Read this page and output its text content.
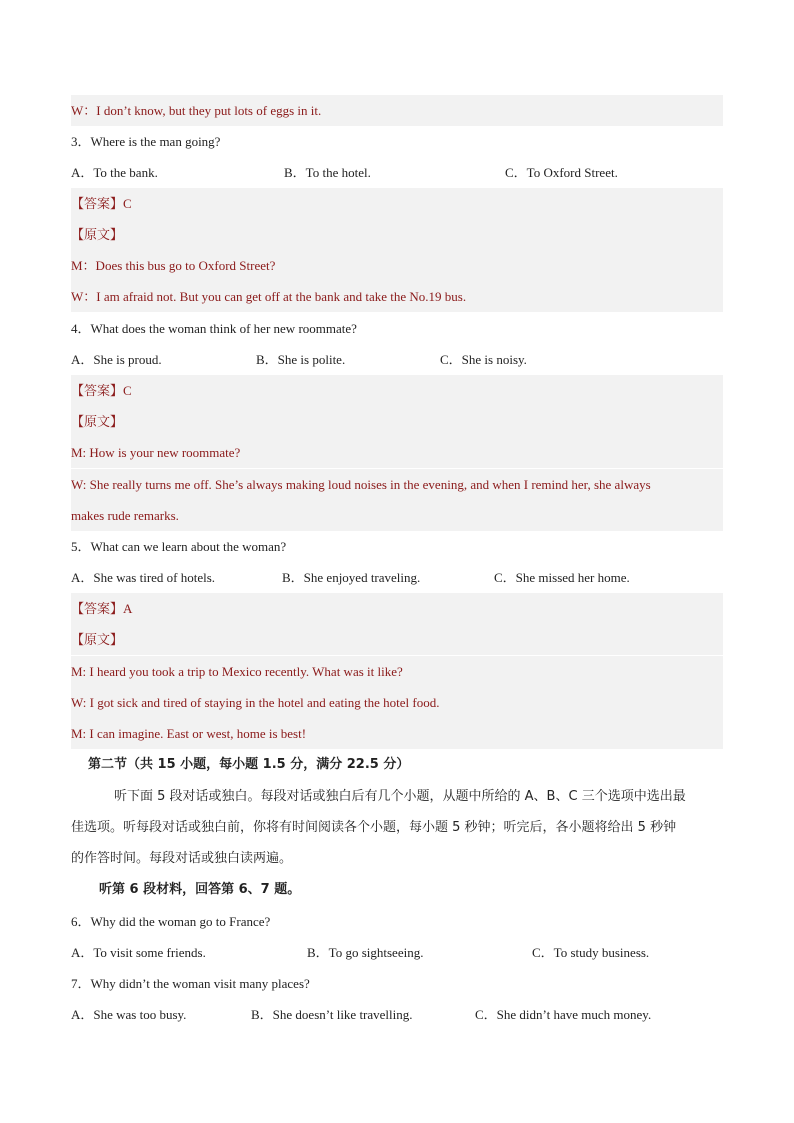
W：I don’t know, but they put lots of eggs in it.
3．Where is the man going?
A．To the bank.	B．To the hotel.	C．To Oxford Street.
【答案】C
【原文】
M：Does this bus go to Oxford Street?
W：I am afraid not. But you can get off at the bank and take the No.19 bus.
4．What does the woman think of her new roommate?
A．She is proud.	B．She is polite.	C．She is noisy.
【答案】C
【原文】
M: How is your new roommate?
W: She really turns me off. She’s always making loud noises in the evening, and when I remind her, she always
makes rude remarks.
5．What can we learn about the woman?
A．She was tired of hotels.	B．She enjoyed traveling.	C．She missed her home.
【答案】A
【原文】
M: I heard you took a trip to Mexico recently. What was it like?
W: I got sick and tired of staying in the hotel and eating the hotel food.
M: I can imagine. East or west, home is best!
第二节（共 15 小题，每小题 1.5 分，满分 22.5 分）
听下面 5 段对话或独白。每段对话或独白后有几个小题，从题中所给的 A、B、C 三个选项中选出最
佳选项。听每段对话或独白前，你将有时间阅读各个小题，每小题 5 秒钟；听完后，各小题将给出 5 秒钟
的作答时间。每段对话或独白读两遍。
听第 6 段材料，回答第 6、7 题。
6．Why did the woman go to France?
A．To visit some friends.	B．To go sightseeing.	C．To study business.
7．Why didn’t the woman visit many places?
A．She was too busy.	B．She doesn’t like travelling.	C．She didn’t have much money.
